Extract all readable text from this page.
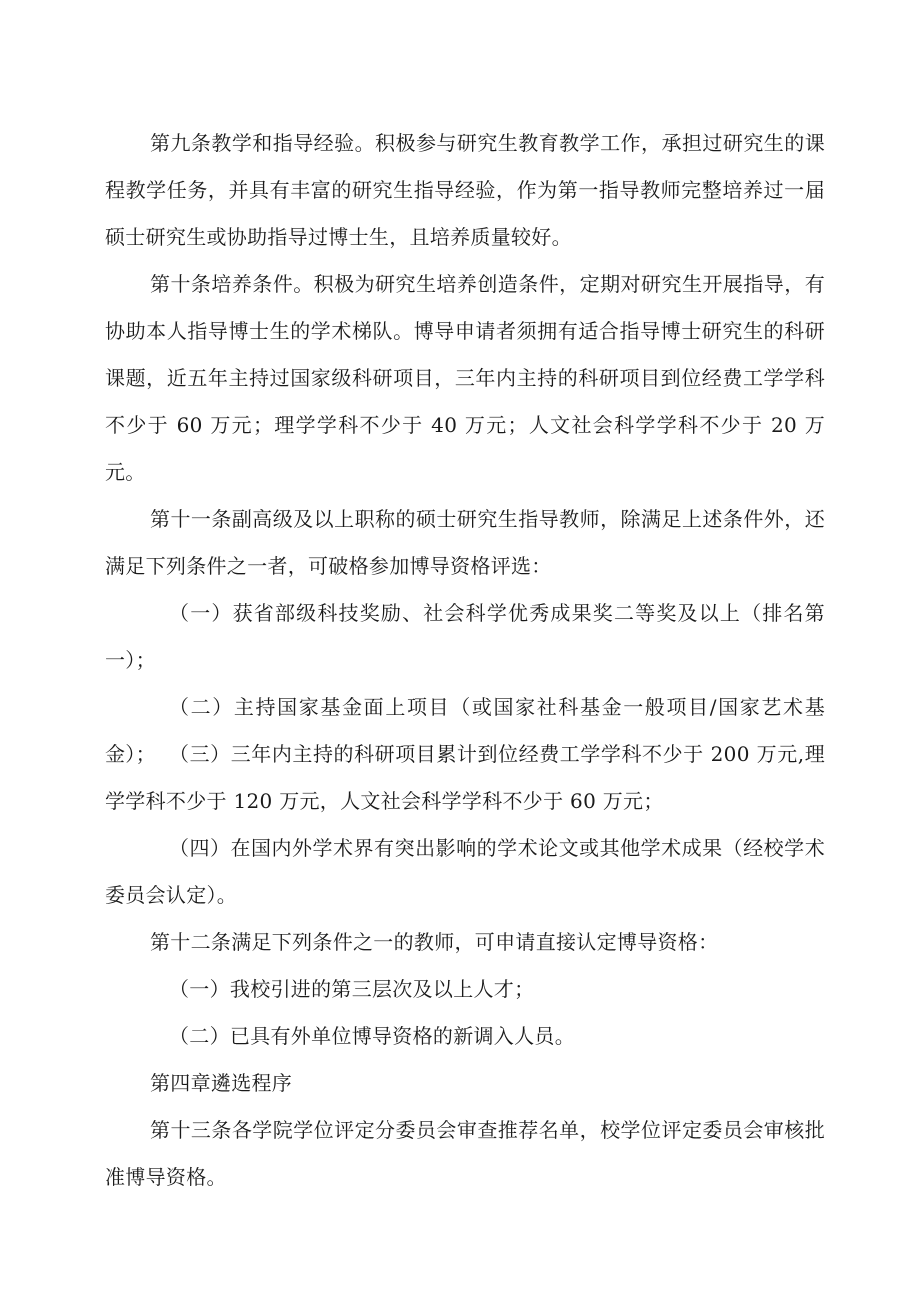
第九条教学和指导经验。积极参与研究生教育教学工作，承担过研究生的课程教学任务，并具有丰富的研究生指导经验，作为第一指导教师完整培养过一届硕士研究生或协助指导过博士生，且培养质量较好。

第十条培养条件。积极为研究生培养创造条件，定期对研究生开展指导，有协助本人指导博士生的学术梯队。博导申请者须拥有适合指导博士研究生的科研课题，近五年主持过国家级科研项目，三年内主持的科研项目到位经费工学学科不少于 60 万元；理学学科不少于 40 万元；人文社会科学学科不少于 20 万元。

第十一条副高级及以上职称的硕士研究生指导教师，除满足上述条件外，还满足下列条件之一者，可破格参加博导资格评选：

（一）获省部级科技奖励、社会科学优秀成果奖二等奖及以上（排名第一）；

（二）主持国家基金面上项目（或国家社科基金一般项目/国家艺术基金）； （三）三年内主持的科研项目累计到位经费工学学科不少于 200 万元,理学学科不少于 120 万元，人文社会科学学科不少于 60 万元；

（四）在国内外学术界有突出影响的学术论文或其他学术成果（经校学术委员会认定）。

第十二条满足下列条件之一的教师，可申请直接认定博导资格：

（一）我校引进的第三层次及以上人才；

（二）已具有外单位博导资格的新调入人员。

第四章遴选程序

第十三条各学院学位评定分委员会审查推荐名单，校学位评定委员会审核批准博导资格。
